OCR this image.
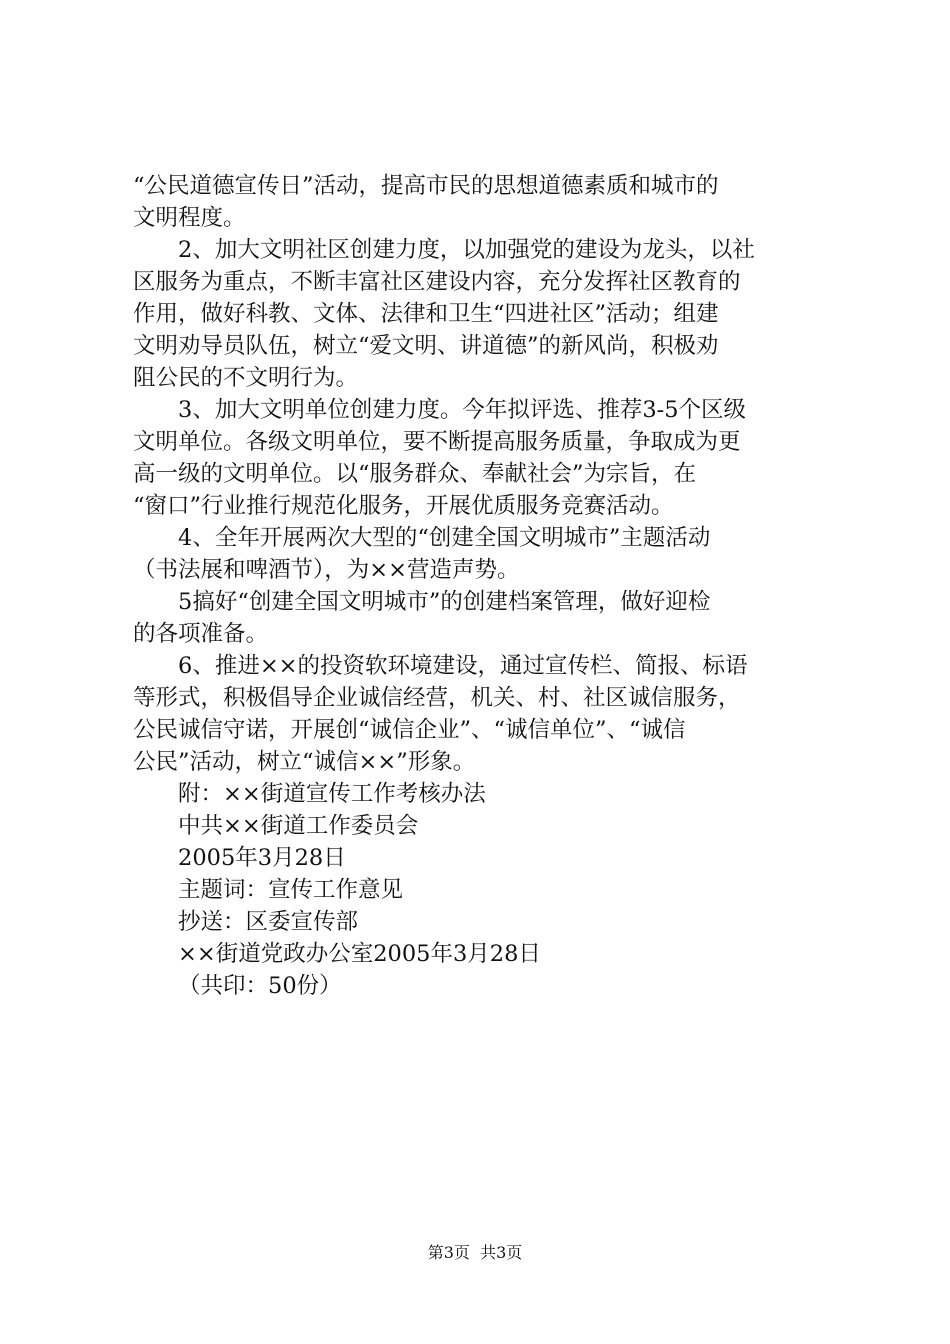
“公民道德宣传日”活动，提高市民的思想道德素质和城市的
文明程度。
2、加大文明社区创建力度，以加强党的建设为龙头，以社
区服务为重点，不断丰富社区建设内容，充分发挥社区教育的
作用，做好科教、文体、法律和卫生“四进社区”活动；组建
文明劝导员队伍，树立“爱文明、讲道德”的新风尚，积极劝
阻公民的不文明行为。
3、加大文明单位创建力度。今年拟评选、推荐3-5个区级
文明单位。各级文明单位，要不断提高服务质量，争取成为更
高一级的文明单位。以“服务群众、奉献社会”为宗旨，在
“窗口”行业推行规范化服务，开展优质服务竞赛活动。
4、全年开展两次大型的“创建全国文明城市”主题活动
（书法展和啤酒节），为××营造声势。
5搞好“创建全国文明城市”的创建档案管理，做好迎检
的各项准备。
6、推进××的投资软环境建设，通过宣传栏、简报、标语
等形式，积极倡导企业诚信经营，机关、村、社区诚信服务，
公民诚信守诺，开展创“诚信企业”、“诚信单位”、“诚信
公民”活动，树立“诚信××”形象。
附：××街道宣传工作考核办法
中共××街道工作委员会
2005年3月28日
主题词：宣传工作意见
抄送：区委宣传部
××街道党政办公室2005年3月28日
（共印：50份）
第3页  共3页
